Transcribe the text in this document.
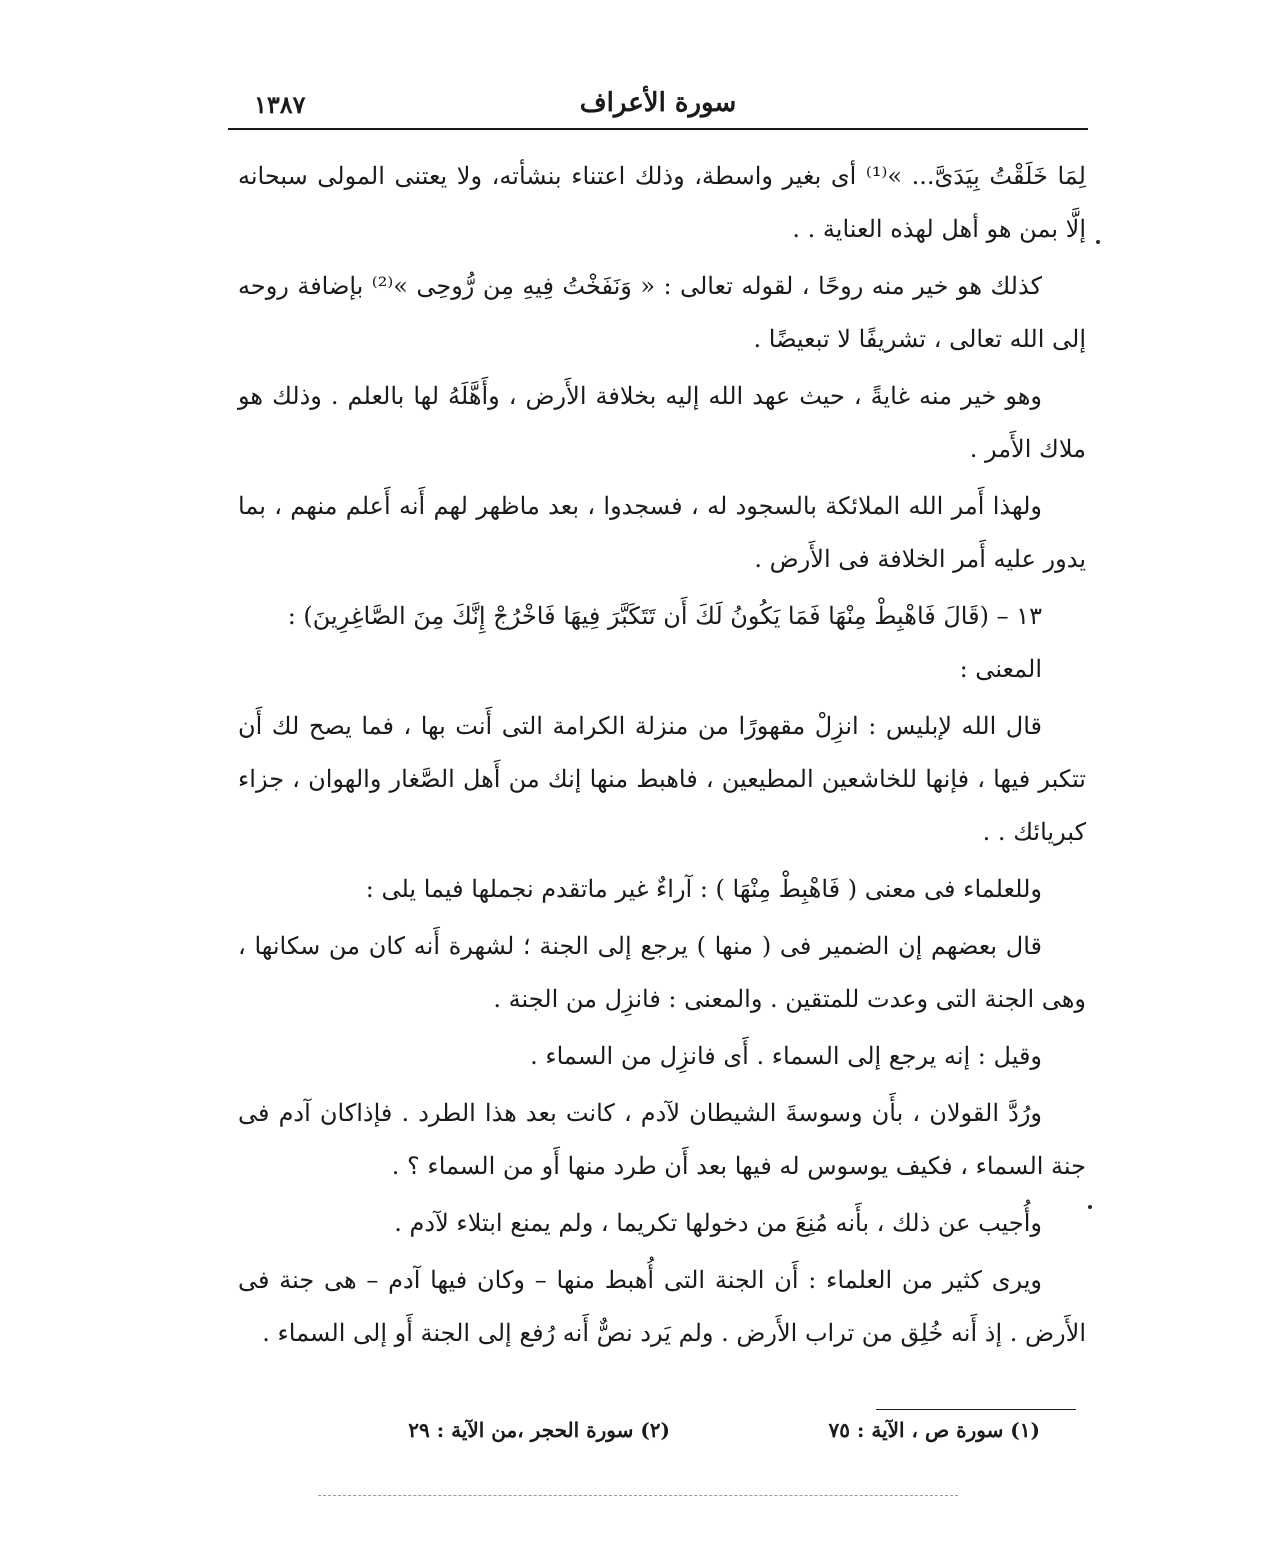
سورة الأعراف
١٣٨٧

لِمَا خَلَقْتُ بِيَدَىَّ... »⁽¹⁾ أى بغير واسطة، وذلك اعتناء بنشأته، ولا يعتنى المولى سبحانه إلَّا بمن هو أهل لهذه العناية . .

كذلك هو خير منه روحًا ، لقوله تعالى : « وَنَفَخْتُ فِيهِ مِن رُّوحِى »⁽²⁾ بإضافة روحه إلى الله تعالى ، تشريفًا لا تبعيضًا .

وهو خير منه غايةً ، حيث عهد الله إليه بخلافة الأَرض ، وأَهَّلَهُ لها بالعلم . وذلك هو ملاك الأَمر .

ولهذا أَمر الله الملائكة بالسجود له ، فسجدوا ، بعد ماظهر لهم أَنه أَعلم منهم ، بما يدور عليه أَمر الخلافة فى الأَرض .

١٣ – (قَالَ فَاهْبِطْ مِنْهَا فَمَا يَكُونُ لَكَ أَن تَتَكَبَّرَ فِيهَا فَاخْرُجْ إِنَّكَ مِنَ الصَّاغِرِينَ) :

المعنى :

قال الله لإبليس : انزِلْ مقهورًا من منزلة الكرامة التى أَنت بها ، فما يصح لك أَن تتكبر فيها ، فإنها للخاشعين المطيعين ، فاهبط منها إنك من أَهل الصَّغار والهوان ، جزاء كبريائك . .

وللعلماء فى معنى ( فَاهْبِطْ مِنْهَا ) : آراءٌ غير ماتقدم نجملها فيما يلى :

قال بعضهم إن الضمير فى ( منها ) يرجع إلى الجنة ؛ لشهرة أَنه كان من سكانها ، وهى الجنة التى وعدت للمتقين . والمعنى : فانزِل من الجنة .

وقيل : إنه يرجع إلى السماء . أَى فانزِل من السماء .

ورُدَّ القولان ، بأَن وسوسةَ الشيطان لآدم ، كانت بعد هذا الطرد . فإذاكان آدم فى جنة السماء ، فكيف يوسوس له فيها بعد أَن طرد منها أَو من السماء ؟ .

وأُجيب عن ذلك ، بأَنه مُنِعَ من دخولها تكريما ، ولم يمنع ابتلاء لآدم .

ويرى كثير من العلماء : أَن الجنة التى أُهبط منها – وكان فيها آدم – هى جنة فى الأَرض . إذ أَنه خُلِق من تراب الأَرض . ولم يَرد نصٌّ أَنه رُفع إلى الجنة أَو إلى السماء .

(١) سورة ص ، الآية : ٧٥
(٢) سورة الحجر ،من الآية : ٢٩
